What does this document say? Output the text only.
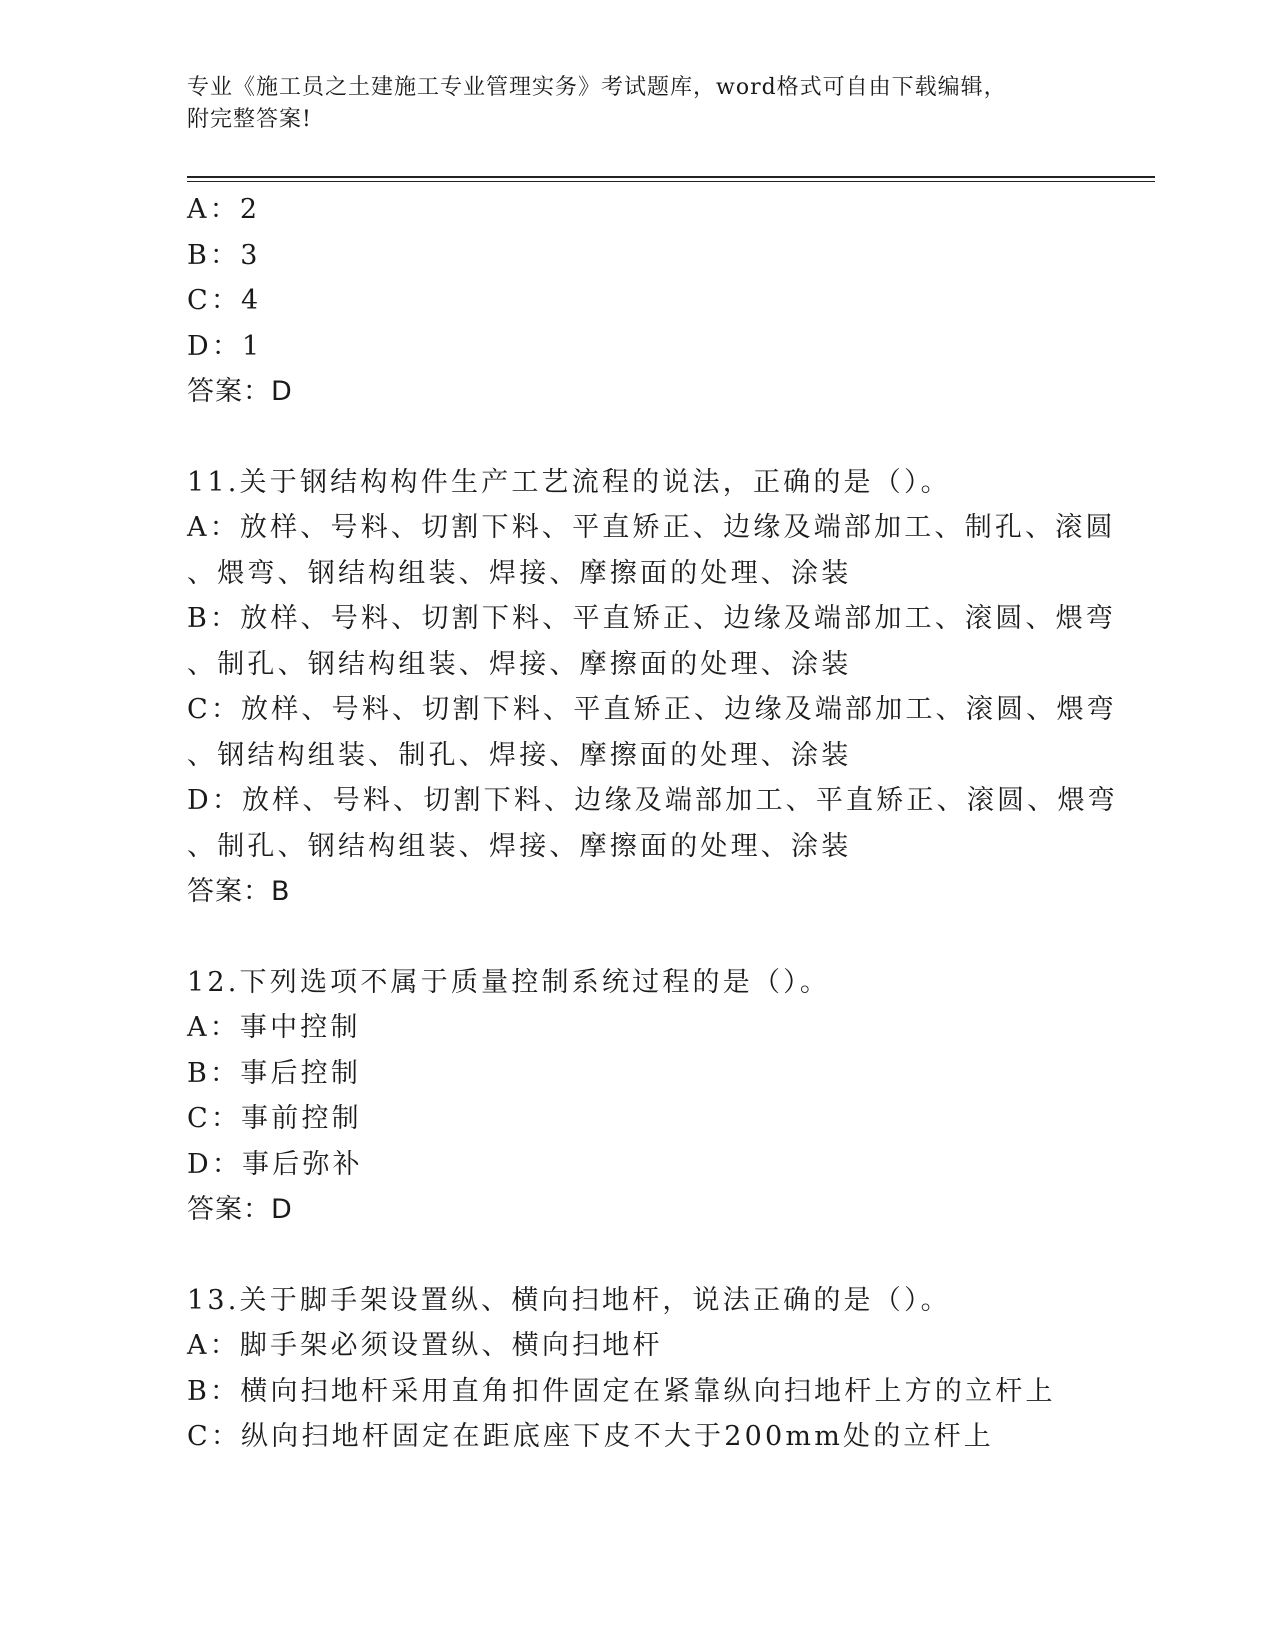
专业《施工员之土建施工专业管理实务》考试题库，word格式可自由下载编辑，
附完整答案!

A：2

B：3

C：4

D：1

答案：D

11.关于钢结构构件生产工艺流程的说法，正确的是（）。

A：放样、号料、切割下料、平直矫正、边缘及端部加工、制孔、滚圆

、煨弯、钢结构组装、焊接、摩擦面的处理、涂装

B：放样、号料、切割下料、平直矫正、边缘及端部加工、滚圆、煨弯

、制孔、钢结构组装、焊接、摩擦面的处理、涂装

C：放样、号料、切割下料、平直矫正、边缘及端部加工、滚圆、煨弯

、钢结构组装、制孔、焊接、摩擦面的处理、涂装

D：放样、号料、切割下料、边缘及端部加工、平直矫正、滚圆、煨弯

、制孔、钢结构组装、焊接、摩擦面的处理、涂装

答案：B

12.下列选项不属于质量控制系统过程的是（）。

A：事中控制

B：事后控制

C：事前控制

D：事后弥补

答案：D

13.关于脚手架设置纵、横向扫地杆，说法正确的是（）。

A：脚手架必须设置纵、横向扫地杆

B：横向扫地杆采用直角扣件固定在紧靠纵向扫地杆上方的立杆上

C：纵向扫地杆固定在距底座下皮不大于200mm处的立杆上
